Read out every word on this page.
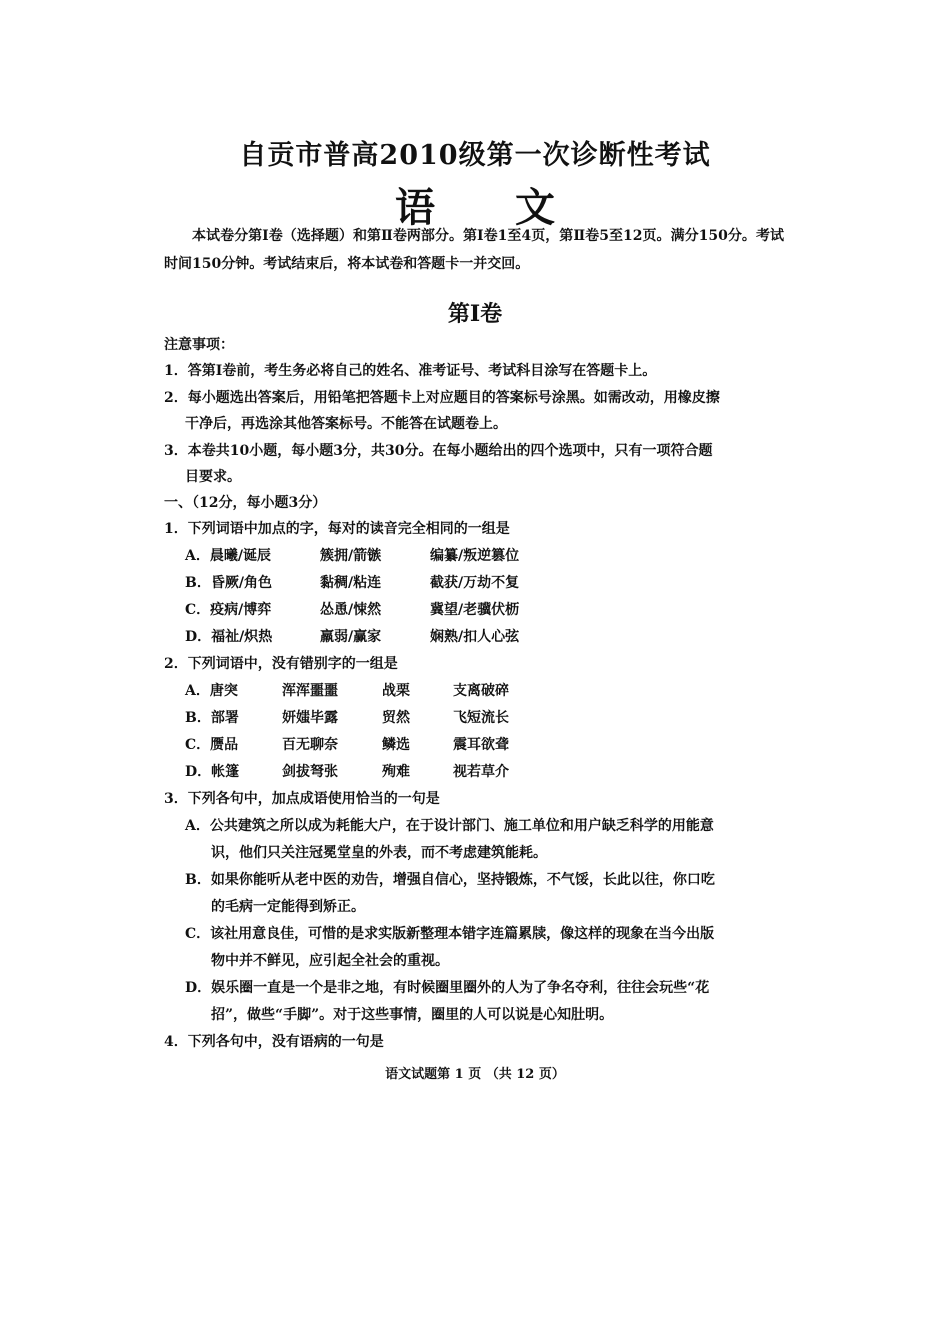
自贡市普高2010级第一次诊断性考试
语 文
本试卷分第Ⅰ卷（选择题）和第Ⅱ卷两部分。第Ⅰ卷1至4页，第Ⅱ卷5至12页。满分150分。考试时间150分钟。考试结束后，将本试卷和答题卡一并交回。
第Ⅰ卷
注意事项：
1．答第Ⅰ卷前，考生务必将自己的姓名、准考证号、考试科目涂写在答题卡上。
2．每小题选出答案后，用铅笔把答题卡上对应题目的答案标号涂黑。如需改动，用橡皮擦
干净后，再选涂其他答案标号。不能答在试题卷上。
3．本卷共10小题，每小题3分，共30分。在每小题给出的四个选项中，只有一项符合题
目要求。
一、（12分，每小题3分）
1．下列词语中加点的字，每对的读音完全相同的一组是
A．晨曦/诞辰	簇拥/箭镞	编纂/叛逆篡位
B．昏厥/角色	黏稠/粘连	截获/万劫不复
C．疫病/博弈	怂恿/悚然	冀望/老骥伏枥
D．福祉/炽热	羸弱/赢家	娴熟/扣人心弦
2．下列词语中，没有错别字的一组是
A．唐突	浑浑噩噩	战栗	支离破碎
B．部署	妍媸毕露	贸然	飞短流长
C．赝品	百无聊奈	鳞选	震耳欲聋
D．帐篷	剑拔弩张	殉难	视若草介
3．下列各句中，加点成语使用恰当的一句是
A．公共建筑之所以成为耗能大户，在于设计部门、施工单位和用户缺乏科学的用能意
识，他们只关注冠冕堂皇的外表，而不考虑建筑能耗。
B．如果你能听从老中医的劝告，增强自信心，坚持锻炼，不气馁，长此以往，你口吃
的毛病一定能得到矫正。
C．该社用意良佳，可惜的是求实版新整理本错字连篇累牍，像这样的现象在当今出版
物中并不鲜见，应引起全社会的重视。
D．娱乐圈一直是一个是非之地，有时候圈里圈外的人为了争名夺利，往往会玩些“花
招”，做些“手脚”。对于这些事情，圈里的人可以说是心知肚明。
4．下列各句中，没有语病的一句是
语文试题第 1 页 （共 12 页）
